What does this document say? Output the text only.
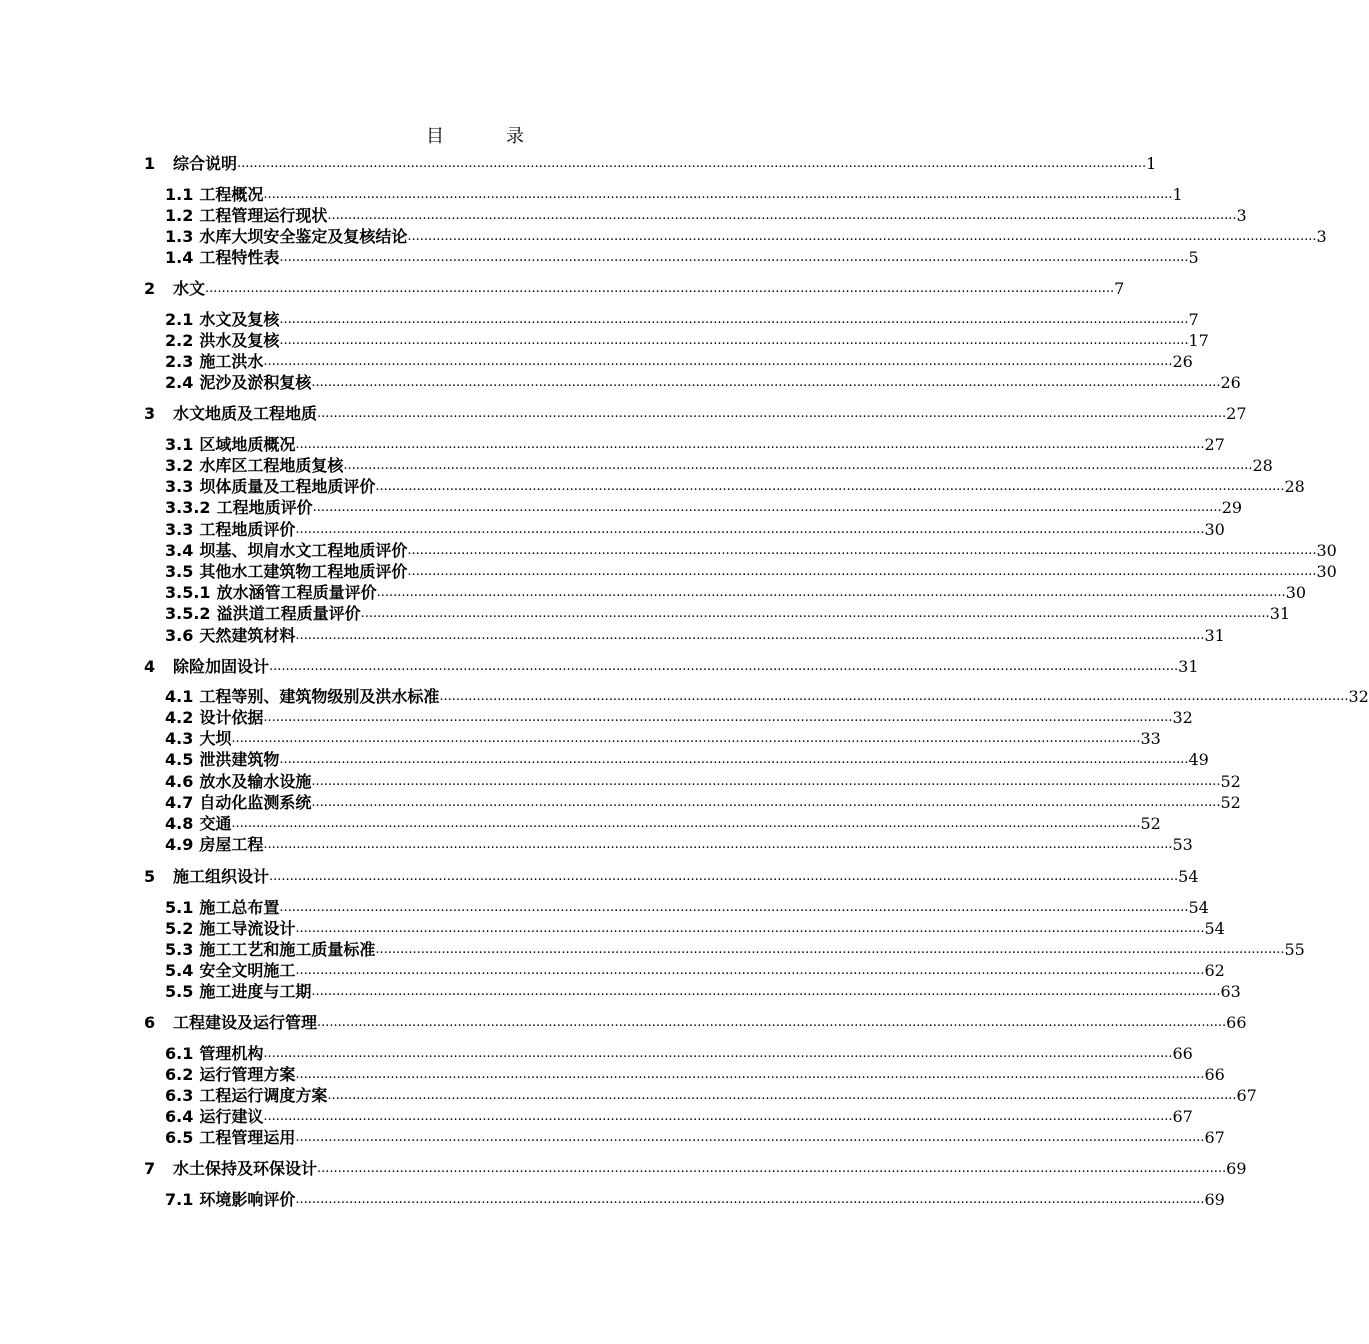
目	录
1	综合说明 ............................................................................................................................................................................................................................ 1
1.1 工程概况 ............................................................................................................................................................................................................................ 1
1.2 工程管理运行现状 ............................................................................................................................................................................................................................ 3
1.3 水库大坝安全鉴定及复核结论 ............................................................................................................................................................................................................................ 3
1.4 工程特性表 ............................................................................................................................................................................................................................ 5
2	水文 ............................................................................................................................................................................................................................ 7
2.1 水文及复核 ............................................................................................................................................................................................................................ 7
2.2 洪水及复核 ............................................................................................................................................................................................................................ 17
2.3 施工洪水 ............................................................................................................................................................................................................................ 26
2.4 泥沙及淤积复核 ............................................................................................................................................................................................................................ 26
3	水文地质及工程地质 ............................................................................................................................................................................................................................ 27
3.1 区域地质概况 ............................................................................................................................................................................................................................ 27
3.2 水库区工程地质复核 ............................................................................................................................................................................................................................ 28
3.3 坝体质量及工程地质评价 ............................................................................................................................................................................................................................ 28
3.3.2 工程地质评价 ............................................................................................................................................................................................................................ 29
3.3 工程地质评价 ............................................................................................................................................................................................................................ 30
3.4 坝基、坝肩水文工程地质评价 ............................................................................................................................................................................................................................ 30
3.5 其他水工建筑物工程地质评价 ............................................................................................................................................................................................................................ 30
3.5.1 放水涵管工程质量评价 ............................................................................................................................................................................................................................ 30
3.5.2 溢洪道工程质量评价 ............................................................................................................................................................................................................................ 31
3.6 天然建筑材料 ............................................................................................................................................................................................................................ 31
4	除险加固设计 ............................................................................................................................................................................................................................ 31
4.1 工程等别、建筑物级别及洪水标准 ............................................................................................................................................................................................................................ 32
4.2 设计依据 ............................................................................................................................................................................................................................ 32
4.3 大坝 ............................................................................................................................................................................................................................ 33
4.5 泄洪建筑物 ............................................................................................................................................................................................................................ 49
4.6 放水及输水设施 ............................................................................................................................................................................................................................ 52
4.7 自动化监测系统 ............................................................................................................................................................................................................................ 52
4.8 交通 ............................................................................................................................................................................................................................ 52
4.9 房屋工程 ............................................................................................................................................................................................................................ 53
5	施工组织设计 ............................................................................................................................................................................................................................ 54
5.1 施工总布置 ............................................................................................................................................................................................................................ 54
5.2 施工导流设计 ............................................................................................................................................................................................................................ 54
5.3 施工工艺和施工质量标准 ............................................................................................................................................................................................................................ 55
5.4 安全文明施工 ............................................................................................................................................................................................................................ 62
5.5 施工进度与工期 ............................................................................................................................................................................................................................ 63
6	工程建设及运行管理 ............................................................................................................................................................................................................................ 66
6.1 管理机构 ............................................................................................................................................................................................................................ 66
6.2 运行管理方案 ............................................................................................................................................................................................................................ 66
6.3 工程运行调度方案 ............................................................................................................................................................................................................................ 67
6.4 运行建议 ............................................................................................................................................................................................................................ 67
6.5 工程管理运用 ............................................................................................................................................................................................................................ 67
7	水土保持及环保设计 ............................................................................................................................................................................................................................ 69
7.1 环境影响评价 ............................................................................................................................................................................................................................ 69
